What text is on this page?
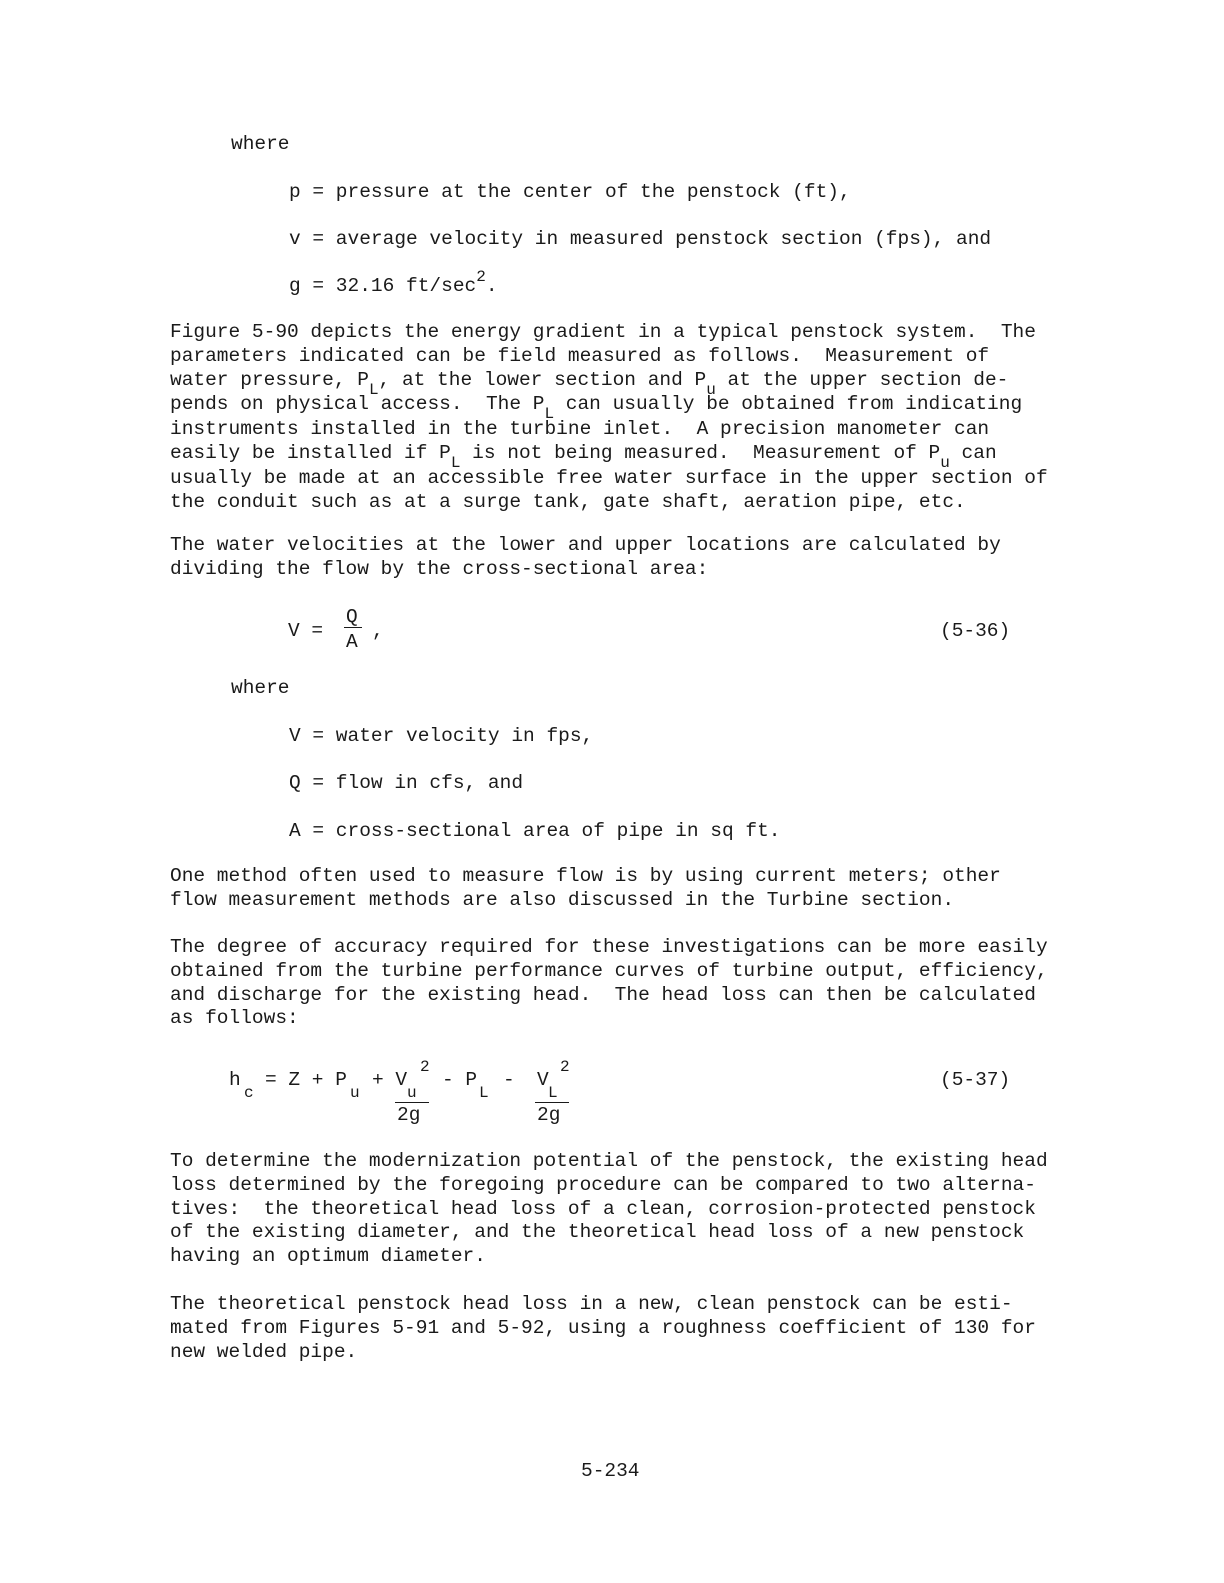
where
p = pressure at the center of the penstock (ft),
v = average velocity in measured penstock section (fps), and
g = 32.16 $ft/\sec^2$.
Figure 5-90 depicts the energy gradient in a typical penstock system.  The
parameters indicated can be field measured as follows.  Measurement of
water pressure, $P_L$, at the lower section and $P_u$ at the upper section de-
pends on physical access.  The $P_L$ can usually be obtained from indicating
instruments installed in the turbine inlet.  A precision manometer can
easily be installed if $P_L$ is not being measured.  Measurement of $P_u$ can
usually be made at an accessible free water surface in the upper section of
the conduit such as at a surge tank, gate shaft, aeration pipe, etc.
The water velocities at the lower and upper locations are calculated by
dividing the flow by the cross-sectional area:
V =
Q
A ,	(5-36)
where
V = water velocity in fps,
Q = flow in cfs, and
A = cross-sectional area of pipe in sq ft.
One method often used to measure flow is by using current meters; other
flow measurement methods are also discussed in the Turbine section.
The degree of accuracy required for these investigations can be more easily
obtained from the turbine performance curves of turbine output, efficiency,
and discharge for the existing head.  The head loss can then be calculated
as follows:
h
c
= Z + P
u
+ V
2
u
2g
- P
L
- V
2
L
2g
(5-37)
To determine the modernization potential of the penstock, the existing head
loss determined by the foregoing procedure can be compared to two alterna-
tives:  the theoretical head loss of a clean, corrosion-protected penstock
of the existing diameter, and the theoretical head loss of a new penstock
having an optimum diameter.
The theoretical penstock head loss in a new, clean penstock can be esti-
mated from Figures 5-91 and 5-92, using a roughness coefficient of 130 for
new welded pipe.
5-234
